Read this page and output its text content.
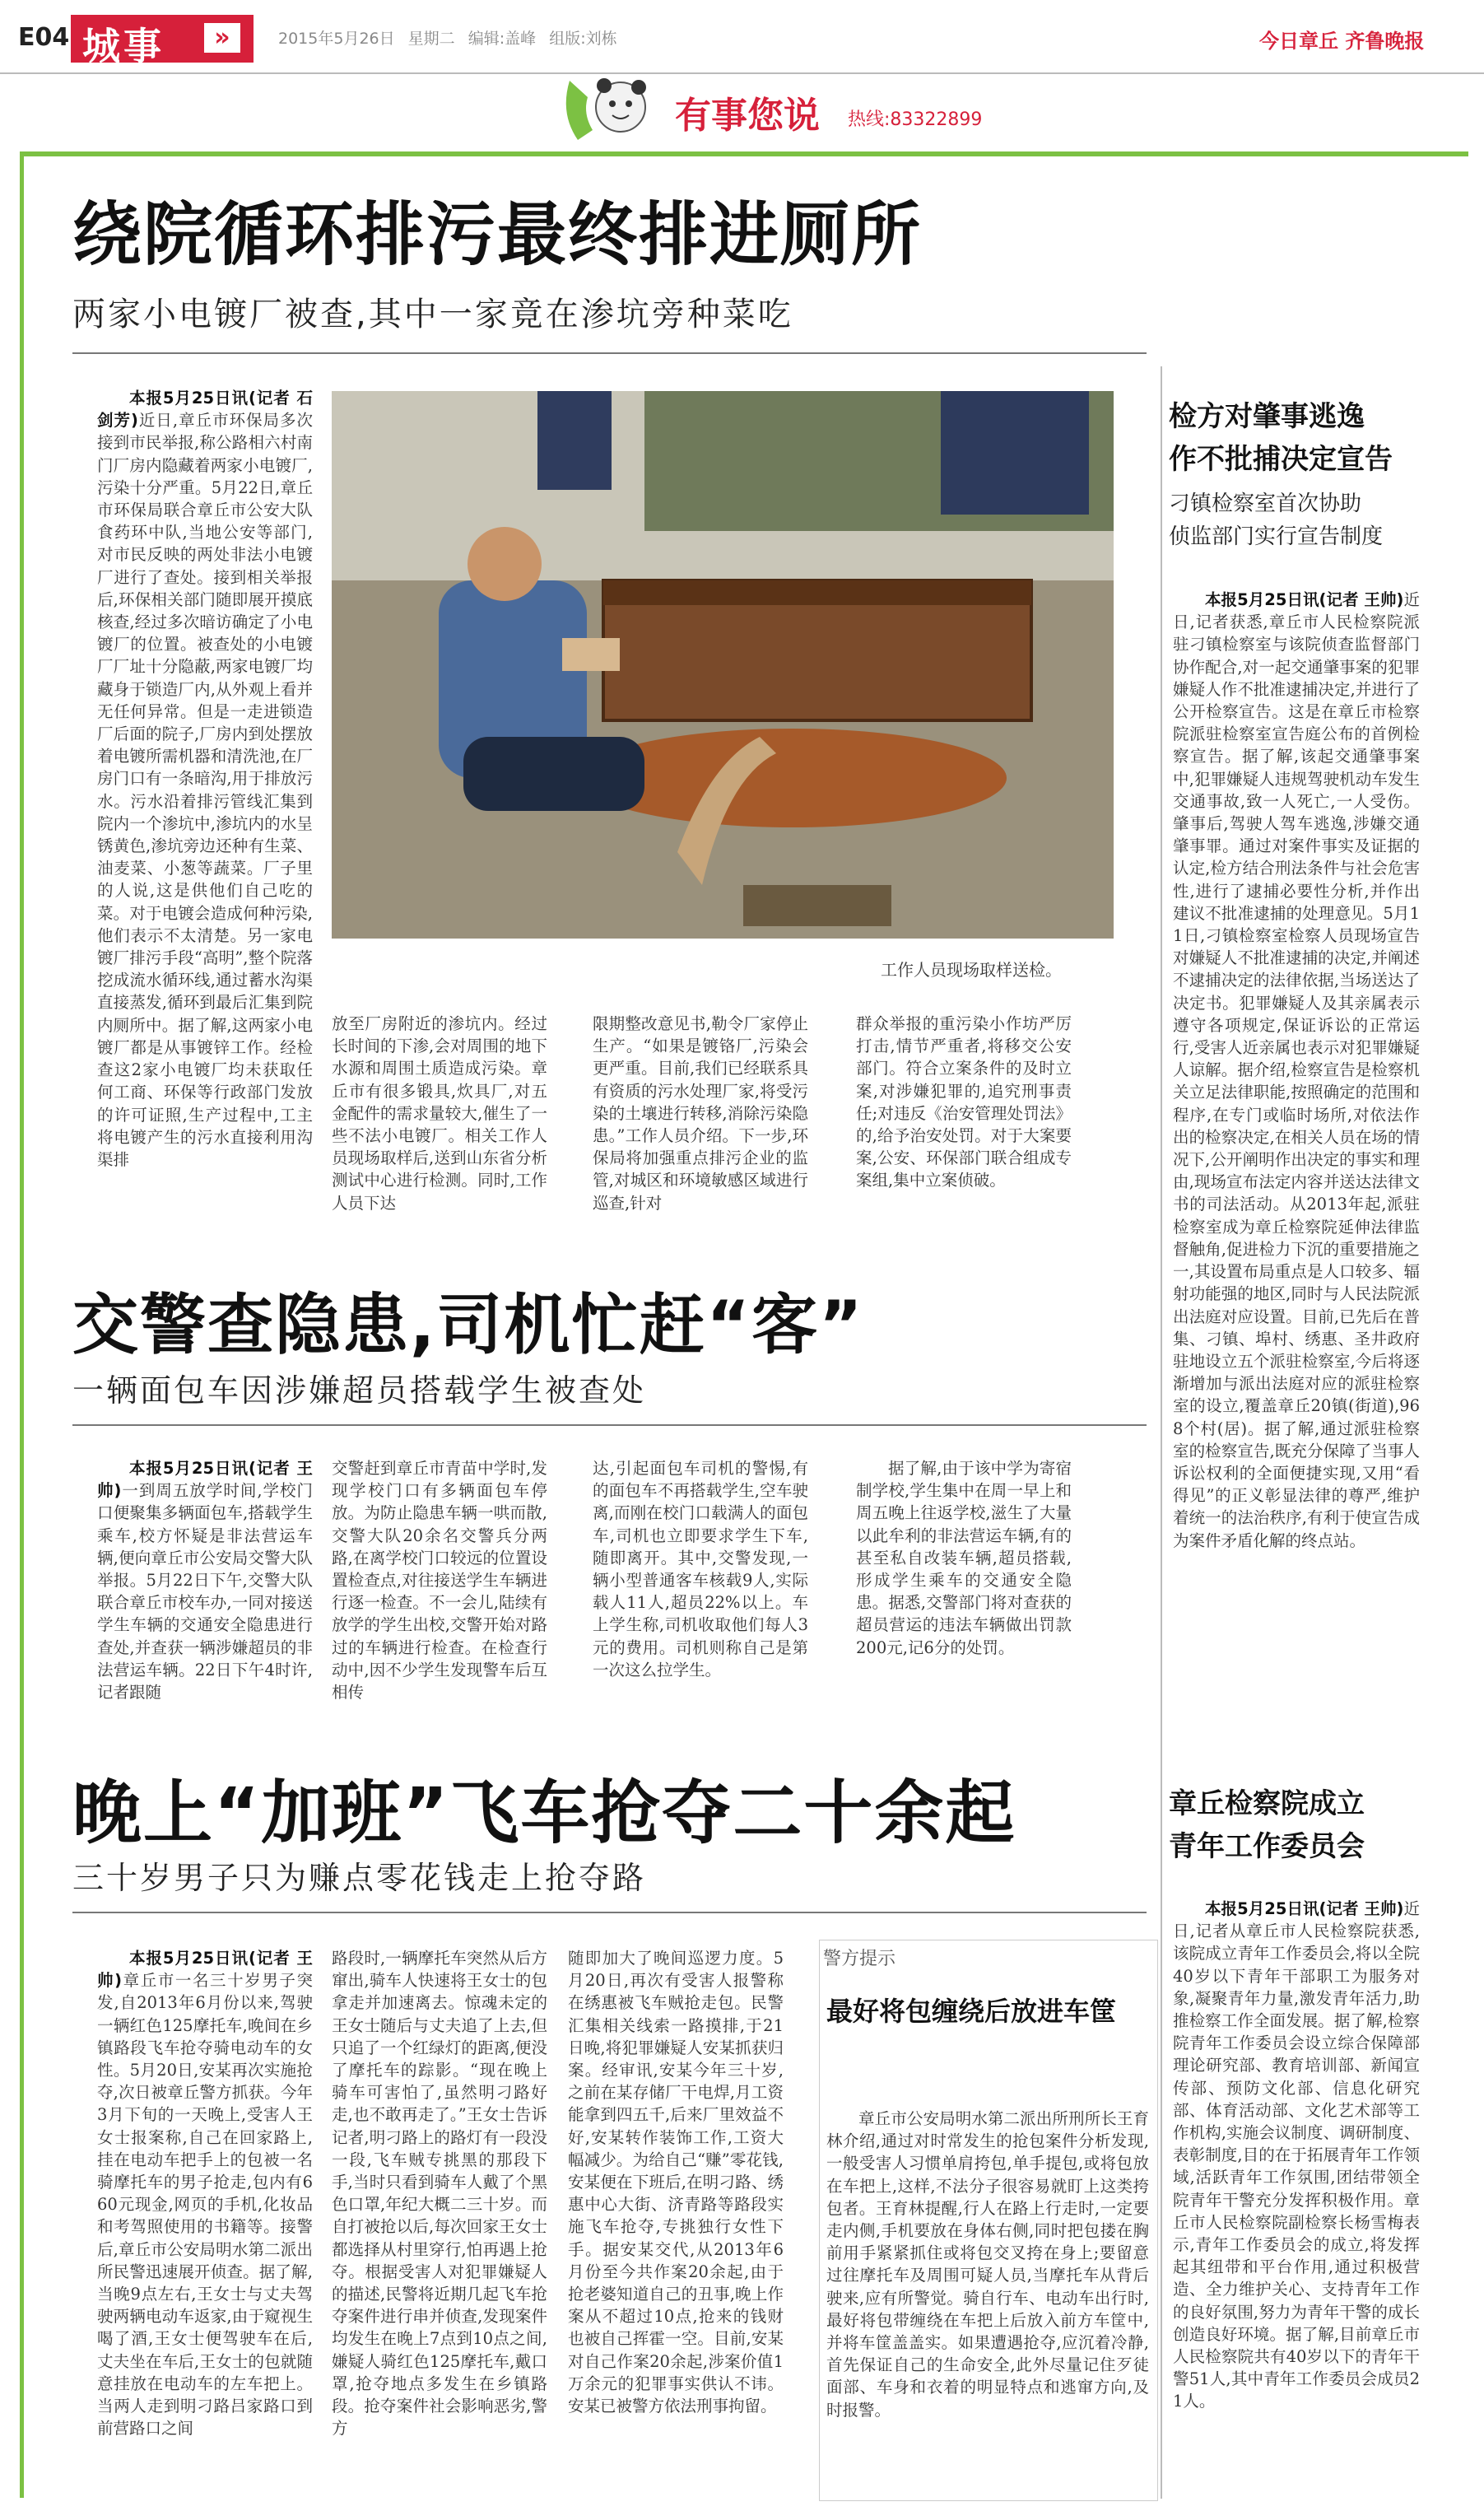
E04 城事	»	2015年5月26日 星期二 编辑:盖峰 组版:刘栋	今日章丘 齐鲁晚报
有事您说 热线:83322899
绕院循环排污最终排进厕所
两家小电镀厂被查,其中一家竟在渗坑旁种菜吃

本报5月25日讯(记者 石剑芳)近日,章丘市环保局多次接到市民举报,称公路相六村南门厂房内隐藏着两家小电镀厂,污染十分严重。5月22日,章丘市环保局联合章丘市公安大队食药环中队,当地公安等部门,对市民反映的两处非法小电镀厂进行了查处。接到相关举报后,环保相关部门随即展开摸底核查,经过多次暗访确定了小电镀厂的位置。被查处的小电镀厂厂址十分隐蔽,两家电镀厂均藏身于锁造厂内,从外观上看并无任何异常。但是一走进锁造厂后面的院子,厂房内到处摆放着电镀所需机器和清洗池,在厂房门口有一条暗沟,用于排放污水。污水沿着排污管线汇集到院内一个渗坑中,渗坑内的水呈锈黄色,渗坑旁边还种有生菜、油麦菜、小葱等蔬菜。厂子里的人说,这是供他们自己吃的菜。对于电镀会造成何种污染,他们表示不太清楚。另一家电镀厂排污手段“高明”,整个院落挖成流水循环线,通过蓄水沟渠直接蒸发,循环到最后汇集到院内厕所中。据了解,这两家小电镀厂都是从事镀锌工作。经检查这2家小电镀厂均未获取任何工商、环保等行政部门发放的许可证照,生产过程中,工主将电镀产生的污水直接利用沟渠排

工作人员现场取样送检。

放至厂房附近的渗坑内。经过长时间的下渗,会对周围的地下水源和周围土质造成污染。章丘市有很多锻具,炊具厂,对五金配件的需求量较大,催生了一些不法小电镀厂。相关工作人员现场取样后,送到山东省分析测试中心进行检测。同时,工作人员下达

限期整改意见书,勒令厂家停止生产。“如果是镀铬厂,污染会更严重。目前,我们已经联系具有资质的污水处理厂家,将受污染的土壤进行转移,消除污染隐患。”工作人员介绍。下一步,环保局将加强重点排污企业的监管,对城区和环境敏感区域进行巡查,针对

群众举报的重污染小作坊严厉打击,情节严重者,将移交公安部门。符合立案条件的及时立案,对涉嫌犯罪的,追究刑事责任;对违反《治安管理处罚法》的,给予治安处罚。对于大案要案,公安、环保部门联合组成专案组,集中立案侦破。

交警查隐患,司机忙赶“客”
一辆面包车因涉嫌超员搭载学生被查处

本报5月25日讯(记者 王帅)一到周五放学时间,学校门口便聚集多辆面包车,搭载学生乘车,校方怀疑是非法营运车辆,便向章丘市公安局交警大队举报。5月22日下午,交警大队联合章丘市校车办,一同对接送学生车辆的交通安全隐患进行查处,并查获一辆涉嫌超员的非法营运车辆。22日下午4时许,记者跟随

交警赶到章丘市青苗中学时,发现学校门口有多辆面包车停放。为防止隐患车辆一哄而散,交警大队20余名交警兵分两路,在离学校门口较远的位置设置检查点,对往接送学生车辆进行逐一检查。不一会儿,陆续有放学的学生出校,交警开始对路过的车辆进行检查。在检查行动中,因不少学生发现警车后互相传

达,引起面包车司机的警惕,有的面包车不再搭载学生,空车驶离,而刚在校门口载满人的面包车,司机也立即要求学生下车,随即离开。其中,交警发现,一辆小型普通客车核载9人,实际载人11人,超员22%以上。车上学生称,司机收取他们每人3元的费用。司机则称自己是第一次这么拉学生。

据了解,由于该中学为寄宿制学校,学生集中在周一早上和周五晚上往返学校,滋生了大量以此牟利的非法营运车辆,有的甚至私自改装车辆,超员搭载,形成学生乘车的交通安全隐患。据悉,交警部门将对查获的超员营运的违法车辆做出罚款200元,记6分的处罚。

晚上“加班”飞车抢夺二十余起
三十岁男子只为赚点零花钱走上抢夺路

本报5月25日讯(记者 王帅)章丘市一名三十岁男子突发,自2013年6月份以来,驾驶一辆红色125摩托车,晚间在乡镇路段飞车抢夺骑电动车的女性。5月20日,安某再次实施抢夺,次日被章丘警方抓获。今年3月下旬的一天晚上,受害人王女士报案称,自己在回家路上,挂在电动车把手上的包被一名骑摩托车的男子抢走,包内有660元现金,网页的手机,化妆品和考驾照使用的书籍等。接警后,章丘市公安局明水第二派出所民警迅速展开侦查。据了解,当晚9点左右,王女士与丈夫驾驶两辆电动车返家,由于窥视生喝了酒,王女士便驾驶车在后,丈夫坐在车后,王女士的包就随意挂放在电动车的左车把上。当两人走到明刁路吕家路口到前营路口之间

路段时,一辆摩托车突然从后方窜出,骑车人快速将王女士的包拿走并加速离去。惊魂未定的王女士随后与丈夫追了上去,但只追了一个红绿灯的距离,便没了摩托车的踪影。“现在晚上骑车可害怕了,虽然明刁路好走,也不敢再走了。”王女士告诉记者,明刁路上的路灯有一段没一段,飞车贼专挑黑的那段下手,当时只看到骑车人戴了个黑色口罩,年纪大概二三十岁。而自打被抢以后,每次回家王女士都选择从村里穿行,怕再遇上抢夺。根据受害人对犯罪嫌疑人的描述,民警将近期几起飞车抢夺案件进行串并侦查,发现案件均发生在晚上7点到10点之间,嫌疑人骑红色125摩托车,戴口罩,抢夺地点多发生在乡镇路段。抢夺案件社会影响恶劣,警方

随即加大了晚间巡逻力度。5月20日,再次有受害人报警称在绣惠被飞车贼抢走包。民警汇集相关线索一路摸排,于21日晚,将犯罪嫌疑人安某抓获归案。经审讯,安某今年三十岁,之前在某存储厂干电焊,月工资能拿到四五千,后来厂里效益不好,安某转作装饰工作,工资大幅减少。为给自己“赚”零花钱,安某便在下班后,在明刁路、绣惠中心大街、济青路等路段实施飞车抢夺,专挑独行女性下手。据安某交代,从2013年6月份至今共作案20余起,由于抢老婆知道自己的丑事,晚上作案从不超过10点,抢来的钱财也被自己挥霍一空。目前,安某对自己作案20余起,涉案价值1万余元的犯罪事实供认不讳。安某已被警方依法刑事拘留。

警方提示
最好将包缠绕后放进车筐

章丘市公安局明水第二派出所刑所长王育林介绍,通过对时常发生的抢包案件分析发现,一般受害人习惯单肩挎包,单手提包,或将包放在车把上,这样,不法分子很容易就盯上这类挎包者。王育林提醒,行人在路上行走时,一定要走内侧,手机要放在身体右侧,同时把包搂在胸前用手紧紧抓住或将包交叉挎在身上;要留意过往摩托车及周围可疑人员,当摩托车从背后驶来,应有所警觉。骑自行车、电动车出行时,最好将包带缠绕在车把上后放入前方车筐中,并将车筐盖盖实。如果遭遇抢夺,应沉着冷静,首先保证自己的生命安全,此外尽量记住歹徒面部、车身和衣着的明显特点和逃窜方向,及时报警。

检方对肇事逃逸
作不批捕决定宣告
刁镇检察室首次协助
侦监部门实行宣告制度

本报5月25日讯(记者 王帅)近日,记者获悉,章丘市人民检察院派驻刁镇检察室与该院侦查监督部门协作配合,对一起交通肇事案的犯罪嫌疑人作不批准逮捕决定,并进行了公开检察宣告。这是在章丘市检察院派驻检察室宣告庭公布的首例检察宣告。据了解,该起交通肇事案中,犯罪嫌疑人违规驾驶机动车发生交通事故,致一人死亡,一人受伤。肇事后,驾驶人驾车逃逸,涉嫌交通肇事罪。通过对案件事实及证据的认定,检方结合刑法条件与社会危害性,进行了逮捕必要性分析,并作出建议不批准逮捕的处理意见。5月11日,刁镇检察室检察人员现场宣告对嫌疑人不批准逮捕的决定,并阐述不逮捕决定的法律依据,当场送达了决定书。犯罪嫌疑人及其亲属表示遵守各项规定,保证诉讼的正常运行,受害人近亲属也表示对犯罪嫌疑人谅解。据介绍,检察宣告是检察机关立足法律职能,按照确定的范围和程序,在专门或临时场所,对依法作出的检察决定,在相关人员在场的情况下,公开阐明作出决定的事实和理由,现场宣布法定内容并送达法律文书的司法活动。从2013年起,派驻检察室成为章丘检察院延伸法律监督触角,促进检力下沉的重要措施之一,其设置布局重点是人口较多、辐射功能强的地区,同时与人民法院派出法庭对应设置。目前,已先后在普集、刁镇、埠村、绣惠、圣井政府驻地设立五个派驻检察室,今后将逐渐增加与派出法庭对应的派驻检察室的设立,覆盖章丘20镇(街道),968个村(居)。据了解,通过派驻检察室的检察宣告,既充分保障了当事人诉讼权利的全面便捷实现,又用“看得见”的正义彰显法律的尊严,维护着统一的法治秩序,有利于使宣告成为案件矛盾化解的终点站。

章丘检察院成立
青年工作委员会

本报5月25日讯(记者 王帅)近日,记者从章丘市人民检察院获悉,该院成立青年工作委员会,将以全院40岁以下青年干部职工为服务对象,凝聚青年力量,激发青年活力,助推检察工作全面发展。据了解,检察院青年工作委员会设立综合保障部理论研究部、教育培训部、新闻宣传部、预防文化部、信息化研究部、体育活动部、文化艺术部等工作机构,实施会议制度、调研制度、表彰制度,目的在于拓展青年工作领域,活跃青年工作氛围,团结带领全院青年干警充分发挥积极作用。章丘市人民检察院副检察长杨雪梅表示,青年工作委员会的成立,将发挥起其纽带和平台作用,通过积极营造、全力维护关心、支持青年工作的良好氛围,努力为青年干警的成长创造良好环境。据了解,目前章丘市人民检察院共有40岁以下的青年干警51人,其中青年工作委员会成员21人。
